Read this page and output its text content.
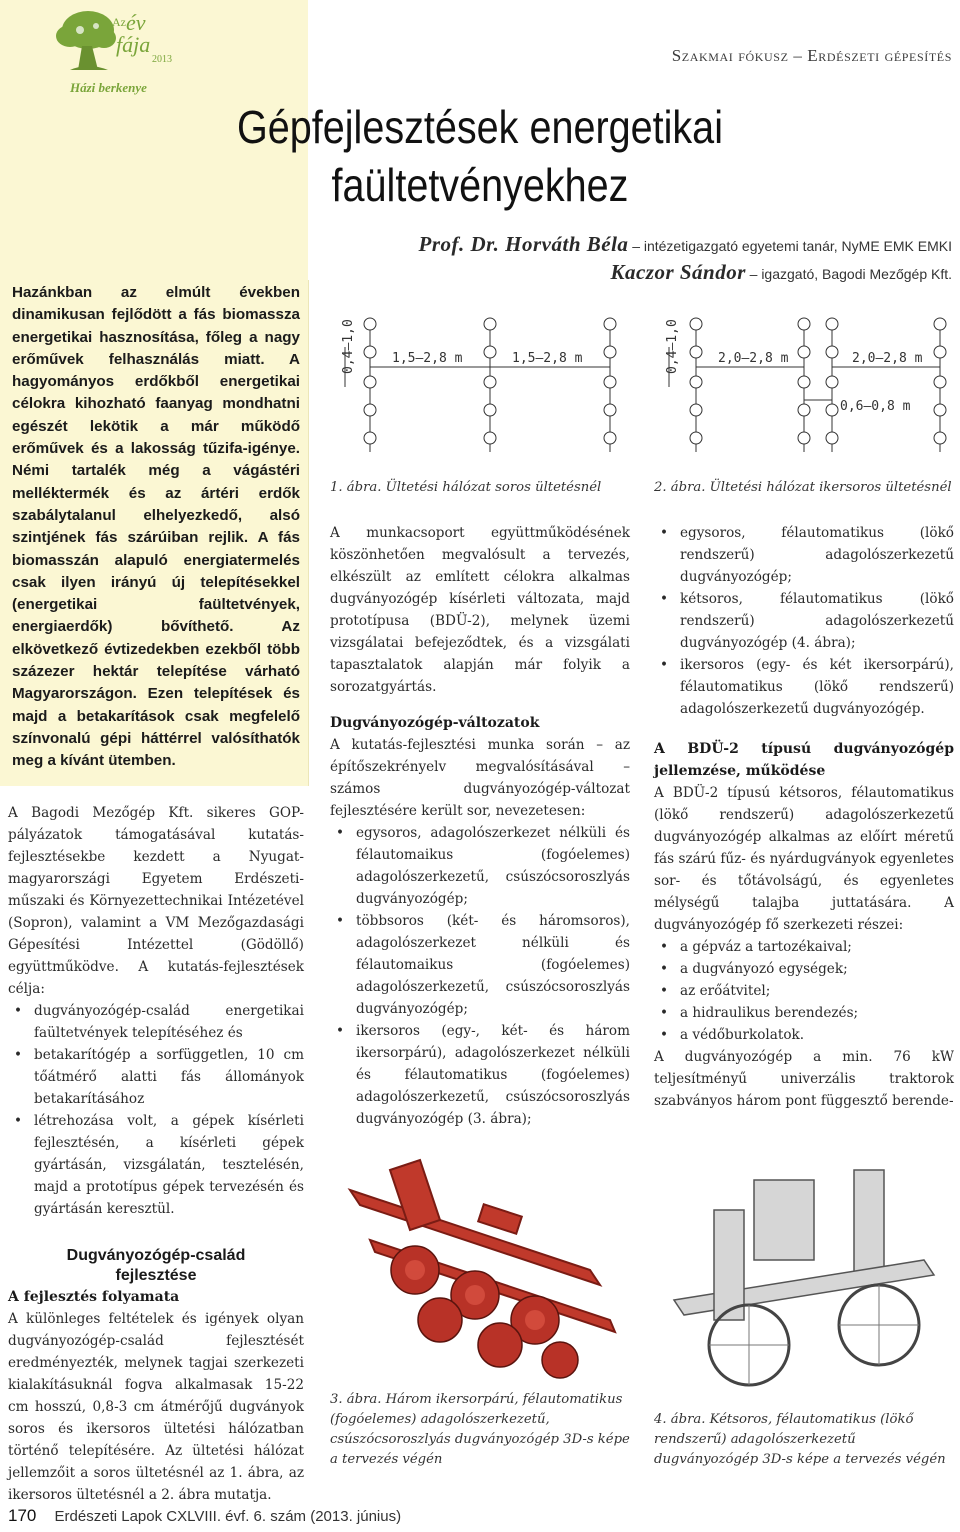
Az év
fája
2013
Házi berkenye
Szakmai fókusz – Erdészeti gépesítés
Gépfejlesztések energetikai
faültetvényekhez
Prof. Dr. Horváth Béla – intézetigazgató egyetemi tanár, NyME EMK EMKI
Kaczor Sándor – igazgató, Bagodi Mezőgép Kft.
Hazánkban az elmúlt években dinamikusan fejlődött a fás biomassza energetikai hasznosítása, főleg a nagy erőművek felhasználás miatt. A hagyományos erdőkből energetikai célokra kihozható faanyag mondhatni egészét lekötik a már működő erőművek és a lakosság tűzifa-igénye. Némi tartalék még a vágástéri melléktermék és az ártéri erdők szabálytalanul elhelyezkedő, alsó szintjének fás szárúiban rejlik. A fás biomasszán alapuló energiatermelés csak ilyen irányú új telepítésekkel (energetikai faültetvények, energiaerdők) bővíthető. Az elkövetkező évtizedekben ezekből több százezer hektár telepítése várható Magyarországon. Ezen telepítések és majd a betakarítások csak megfelelő színvonalú gépi háttérrel valósíthatók meg a kívánt ütemben.

A Bagodi Mezőgép Kft. sikeres GOP-pályázatok támogatásával kutatás-fejlesztésekbe kezdett a Nyugat-magyarországi Egyetem Erdészeti-műszaki és Környezettechnikai Intézetével (Sopron), valamint a VM Mezőgazdasági Gépesítési Intézettel (Gödöllő) együttműködve. A kutatás-fejlesztések célja:

• dugványozógép-család energetikai faültetvények telepítéséhez és
• betakarítógép a sorfüggetlen, 10 cm tőátmérő alatti fás állományok betakarításához
• létrehozása volt, a gépek kísérleti fejlesztésén, a kísérleti gépek gyártásán, vizsgálatán, tesztelésén, majd a prototípus gépek tervezésén és gyártásán keresztül.
Dugványozógép-család
fejlesztése
A fejlesztés folyamata

A különleges feltételek és igények olyan dugványozógép-család fejlesztését eredményezték, melynek tagjai szerkezeti kialakításuknál fogva alkalmasak 15-22 cm hosszú, 0,8-3 cm átmérőjű dugványok soros és ikersoros ültetési hálózatban történő telepítésére. Az ültetési hálózat jellemzőit a soros ültetésnél az 1. ábra, az ikersoros ültetésnél a 2. ábra mutatja.

0,4–1,0 m	1,5–2,8 m	1,5–2,8 m
1. ábra. Ültetési hálózat soros ültetésnél
0,4–1,0 m	2,0–2,8 m	2,0–2,8 m
0,6–0,8 m
2. ábra. Ültetési hálózat ikersoros ültetésnél

A munkacsoport együttműködésének köszönhetően megvalósult a tervezés, elkészült az említett célokra alkalmas dugványozógép kísérleti változata, majd prototípusa (BDÜ-2), melynek üzemi vizsgálatai befejeződtek, és a vizsgálati tapasztalatok alapján már folyik a sorozatgyártás.

Dugványozógép-változatok

A kutatás-fejlesztési munka során – az építőszekrényelv megvalósításával – számos dugványozógép-változat fejlesztésére került sor, nevezetesen:

• egysoros, adagolószerkezet nélküli és félautomaikus (fogóelemes) adagolószerkezetű, csúszócsoroszlyás dugványozógép;
• többsoros (két- és háromsoros), adagolószerkezet nélküli és félautomaikus (fogóelemes) adagolószerkezetű, csúszócsoroszlyás dugványozógép;
• ikersoros (egy-, két- és három ikersorpárú), adagolószerkezet nélküli és félautomatikus (fogóelemes) adagolószerkezetű, csúszócsoroszlyás dugványozógép (3. ábra);
• egysoros, félautomatikus (lökő rendszerű) adagolószerkezetű dugványozógép;
• kétsoros, félautomatikus (lökő rendszerű) adagolószerkezetű dugványozógép (4. ábra);
• ikersoros (egy- és két ikersorpárú), félautomatikus (lökő rendszerű) adagolószerkezetű dugványozógép.
A BDÜ-2 típusú dugványozógép jellemzése, működése

A BDÜ-2 típusú kétsoros, félautomatikus (lökő rendszerű) adagolószerkezetű dugványozógép alkalmas az előírt méretű fás szárú fűz- és nyárdugványok egyenletes sor- és tőtávolságú, és egyenletes mélységű talajba juttatására. A dugványozógép fő szerkezeti részei:

• a gépváz a tartozékaival;
• a dugványozó egységek;
• az erőátvitel;
• a hidraulikus berendezés;
• a védőburkolatok.

A dugványozógép a min. 76 kW teljesítményű univerzális traktorok szabványos három pont függesztő berende-

3. ábra. Három ikersorpárú, félautomatikus (fogóelemes) adagolószerkezetű, csúszócsoroszlyás dugványozógép 3D-s képe a tervezés végén
4. ábra. Kétsoros, félautomatikus (lökő rendszerű) adagolószerkezetű dugványozógép 3D-s képe a tervezés végén
170 Erdészeti Lapok CXLVIII. évf. 6. szám (2013. június)
